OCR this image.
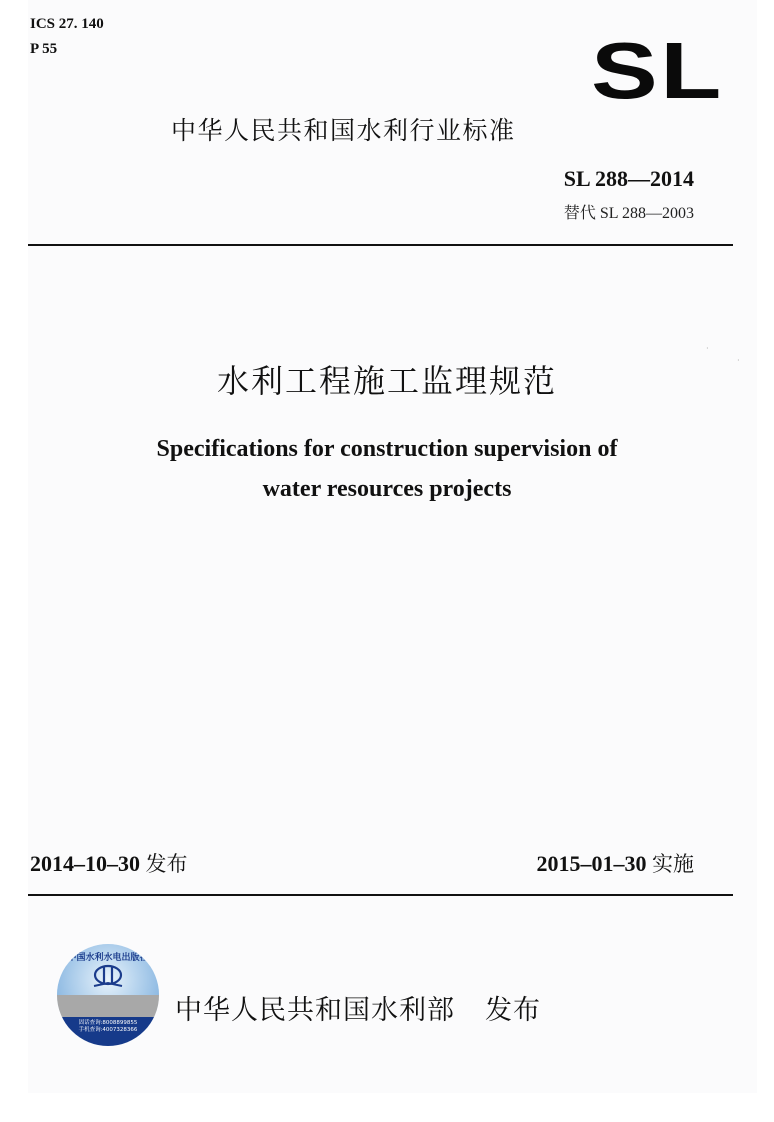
ICS 27. 140
P 55	SL
中华人民共和国水利行业标准
SL 288—2014
替代 SL 288—2003
水利工程施工监理规范
Specifications for construction supervision of
water resources projects
·
·
2014–10–30 发布	2015–01–30 实施
中国水利水电出版社
固话查询:8008899855
手机查询:4007328366
中华人民共和国水利部 发布
